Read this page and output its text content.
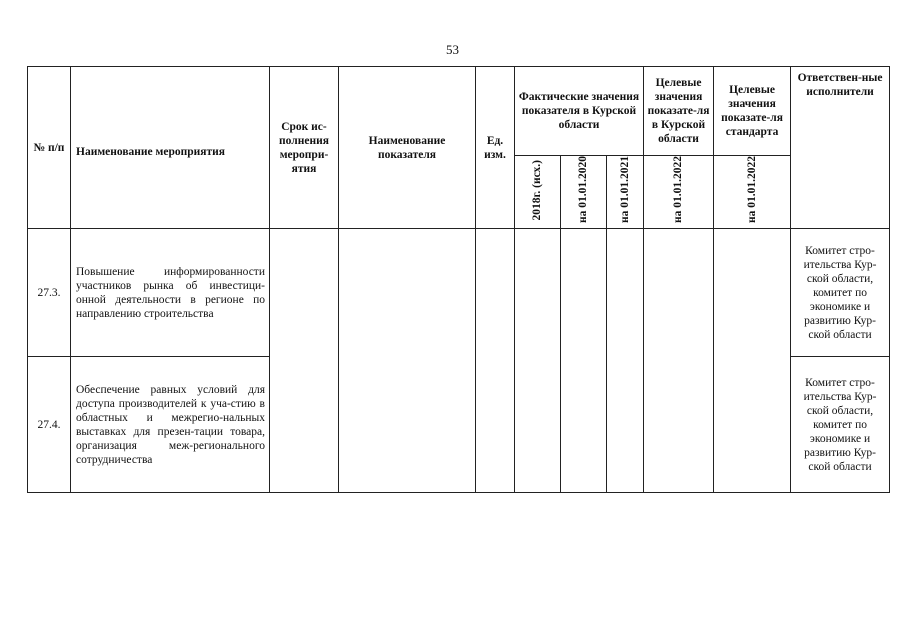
53
№ п/п	Наименование мероприятия	Срок ис-полнения меропри-ятия	Наименование показателя	Ед. изм.	Фактические значения показателя в Курской области			Целевые значения показате-ля в Курской области	Целевые значения показате-ля стандарта	Ответствен-ные исполнители
					2018г. (исх.)	на 01.01.2020	на 01.01.2021	на 01.01.2022	на 01.01.2022	
27.3.	Повышение информированности участников рынка об инвестици-онной деятельности в регионе по направлению строительства									Комитет стро-ительства Кур-ской области, комитет по экономике и развитию Кур-ской области
27.4.	Обеспечение равных условий для доступа производителей к уча-стию в областных и межрегио-нальных выставках для презен-тации товара, организация меж-регионального сотрудничества									Комитет стро-ительства Кур-ской области, комитет по экономике и развитию Кур-ской области
